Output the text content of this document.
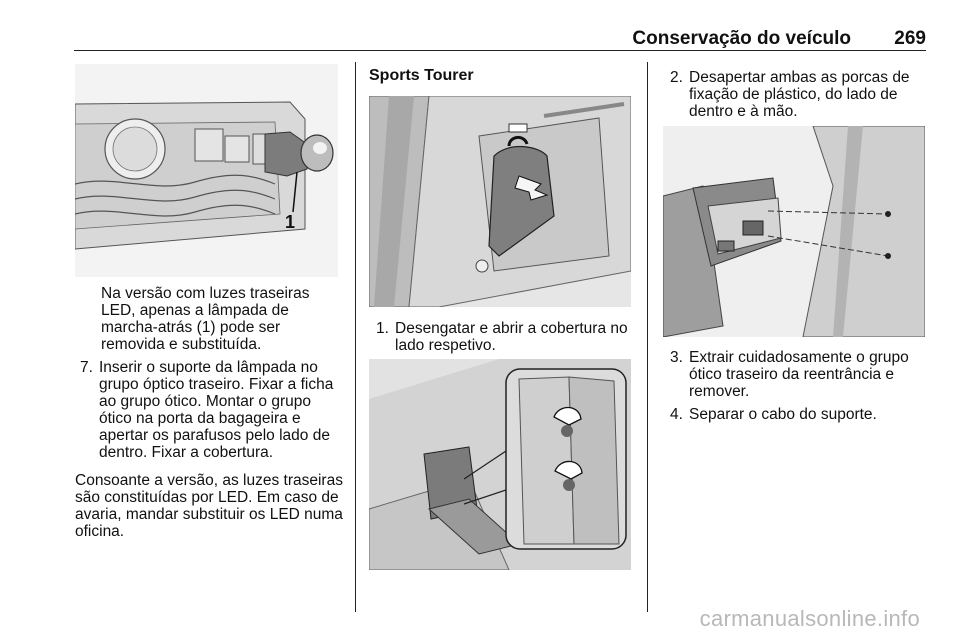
Conservação do veículo 269
1
Na versão com luzes traseiras LED, apenas a lâmpada de marcha-atrás (1) pode ser removida e substituída.
7. Inserir o suporte da lâmpada no grupo óptico traseiro. Fixar a ficha ao grupo ótico. Montar o grupo ótico na porta da bagageira e apertar os parafusos pelo lado de dentro. Fixar a cobertura.
Consoante a versão, as luzes traseiras são constituídas por LED. Em caso de avaria, mandar substituir os LED numa oficina.
Sports Tourer
1. Desengatar e abrir a cobertura no lado respetivo.
2. Desapertar ambas as porcas de fixação de plástico, do lado de dentro e à mão.
3. Extrair cuidadosamente o grupo ótico traseiro da reentrância e remover.
4. Separar o cabo do suporte.
carmanualsonline.info
